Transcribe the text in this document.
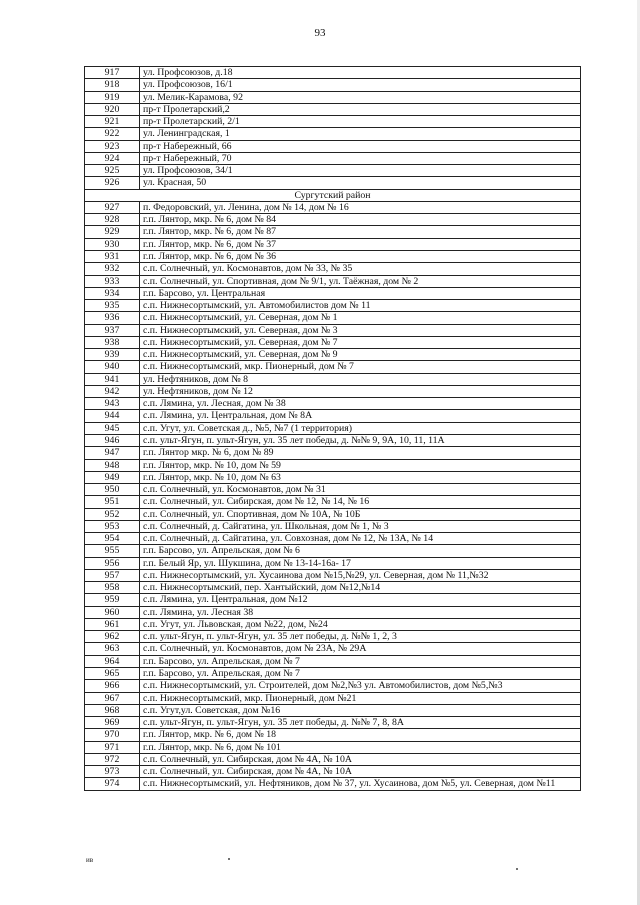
93
917	ул. Профсоюзов, д.18
918	ул. Профсоюзов, 16/1
919	ул. Мелик-Карамова, 92
920	пр-т Пролетарский,2
921	пр-т Пролетарский, 2/1
922	ул. Ленинградская, 1
923	пр-т Набережный, 66
924	пр-т Набережный, 70
925	ул. Профсоюзов, 34/1
926	ул. Красная, 50
Сургутский район	
927	п. Федоровский, ул. Ленина, дом № 14, дом № 16
928	г.п. Лянтор, мкр. № 6, дом № 84
929	г.п. Лянтор, мкр. № 6, дом № 87
930	г.п. Лянтор, мкр. № 6, дом № 37
931	г.п. Лянтор, мкр. № 6, дом № 36
932	с.п. Солнечный, ул. Космонавтов, дом № 33, № 35
933	с.п. Солнечный, ул. Спортивная, дом № 9/1, ул. Таёжная, дом № 2
934	г.п. Барсово, ул. Центральная
935	с.п. Нижнесортымский, ул. Автомобилистов дом № 11
936	с.п. Нижнесортымский, ул. Северная, дом № 1
937	с.п. Нижнесортымский, ул. Северная, дом № 3
938	с.п. Нижнесортымский, ул. Северная, дом № 7
939	с.п. Нижнесортымский, ул. Северная, дом № 9
940	с.п. Нижнесортымский, мкр. Пионерный, дом № 7
941	ул. Нефтяников, дом № 8
942	ул. Нефтяников, дом № 12
943	с.п. Лямина, ул. Лесная, дом № 38
944	с.п. Лямина, ул. Центральная, дом № 8А
945	с.п. Угут, ул. Советская д., №5, №7 (1 территория)
946	с.п. ульт-Ягун, п. ульт-Ягун, ул. 35 лет победы, д. №№ 9, 9А, 10, 11, 11А
947	г.п. Лянтор мкр. № 6, дом № 89
948	г.п. Лянтор, мкр. № 10, дом № 59
949	г.п. Лянтор, мкр. № 10, дом № 63
950	с.п. Солнечный, ул. Космонавтов, дом № 31
951	с.п. Солнечный, ул. Сибирская, дом № 12, № 14, № 16
952	с.п. Солнечный, ул. Спортивная, дом № 10А, № 10Б
953	с.п. Солнечный, д. Сайгатина, ул. Школьная, дом № 1, № 3
954	с.п. Солнечный, д. Сайгатина, ул. Совхозная, дом № 12, № 13А, № 14
955	г.п. Барсово, ул. Апрельская, дом № 6
956	г.п. Белый Яр, ул. Шукшина, дом № 13-14-16а- 17
957	с.п. Нижнесортымский, ул. Хусаинова дом №15,№29, ул. Северная, дом № 11,№32
958	с.п. Нижнесортымский, пер. Хантыйский, дом №12,№14
959	с.п. Лямина, ул. Центральная, дом №12
960	с.п. Лямина, ул. Лесная 38
961	с.п. Угут, ул. Львовская, дом №22, дом, №24
962	с.п. ульт-Ягун, п. ульт-Ягун, ул. 35 лет победы, д. №№ 1, 2, 3
963	с.п. Солнечный, ул. Космонавтов, дом № 23А, № 29А
964	г.п. Барсово, ул. Апрельская, дом № 7
965	г.п. Барсово, ул. Апрельская, дом № 7
966	с.п. Нижнесортымский, ул. Строителей, дом №2,№3 ул. Автомобилистов, дом №5,№3
967	с.п. Нижнесортымский, мкр. Пионерный, дом №21
968	с.п. Угут,ул. Советская, дом №16
969	с.п. ульт-Ягун, п. ульт-Ягун, ул. 35 лет победы, д. №№ 7, 8, 8А
970	г.п. Лянтор, мкр. № 6, дом № 18
971	г.п. Лянтор, мкр. № 6, дом № 101
972	с.п. Солнечный, ул. Сибирская, дом № 4А, № 10А
973	с.п. Солнечный, ул. Сибирская, дом № 4А, № 10А
974	с.п. Нижнесортымский, ул. Нефтяников, дом № 37, ул. Хусаинова, дом №5, ул. Северная, дом №11
ив
